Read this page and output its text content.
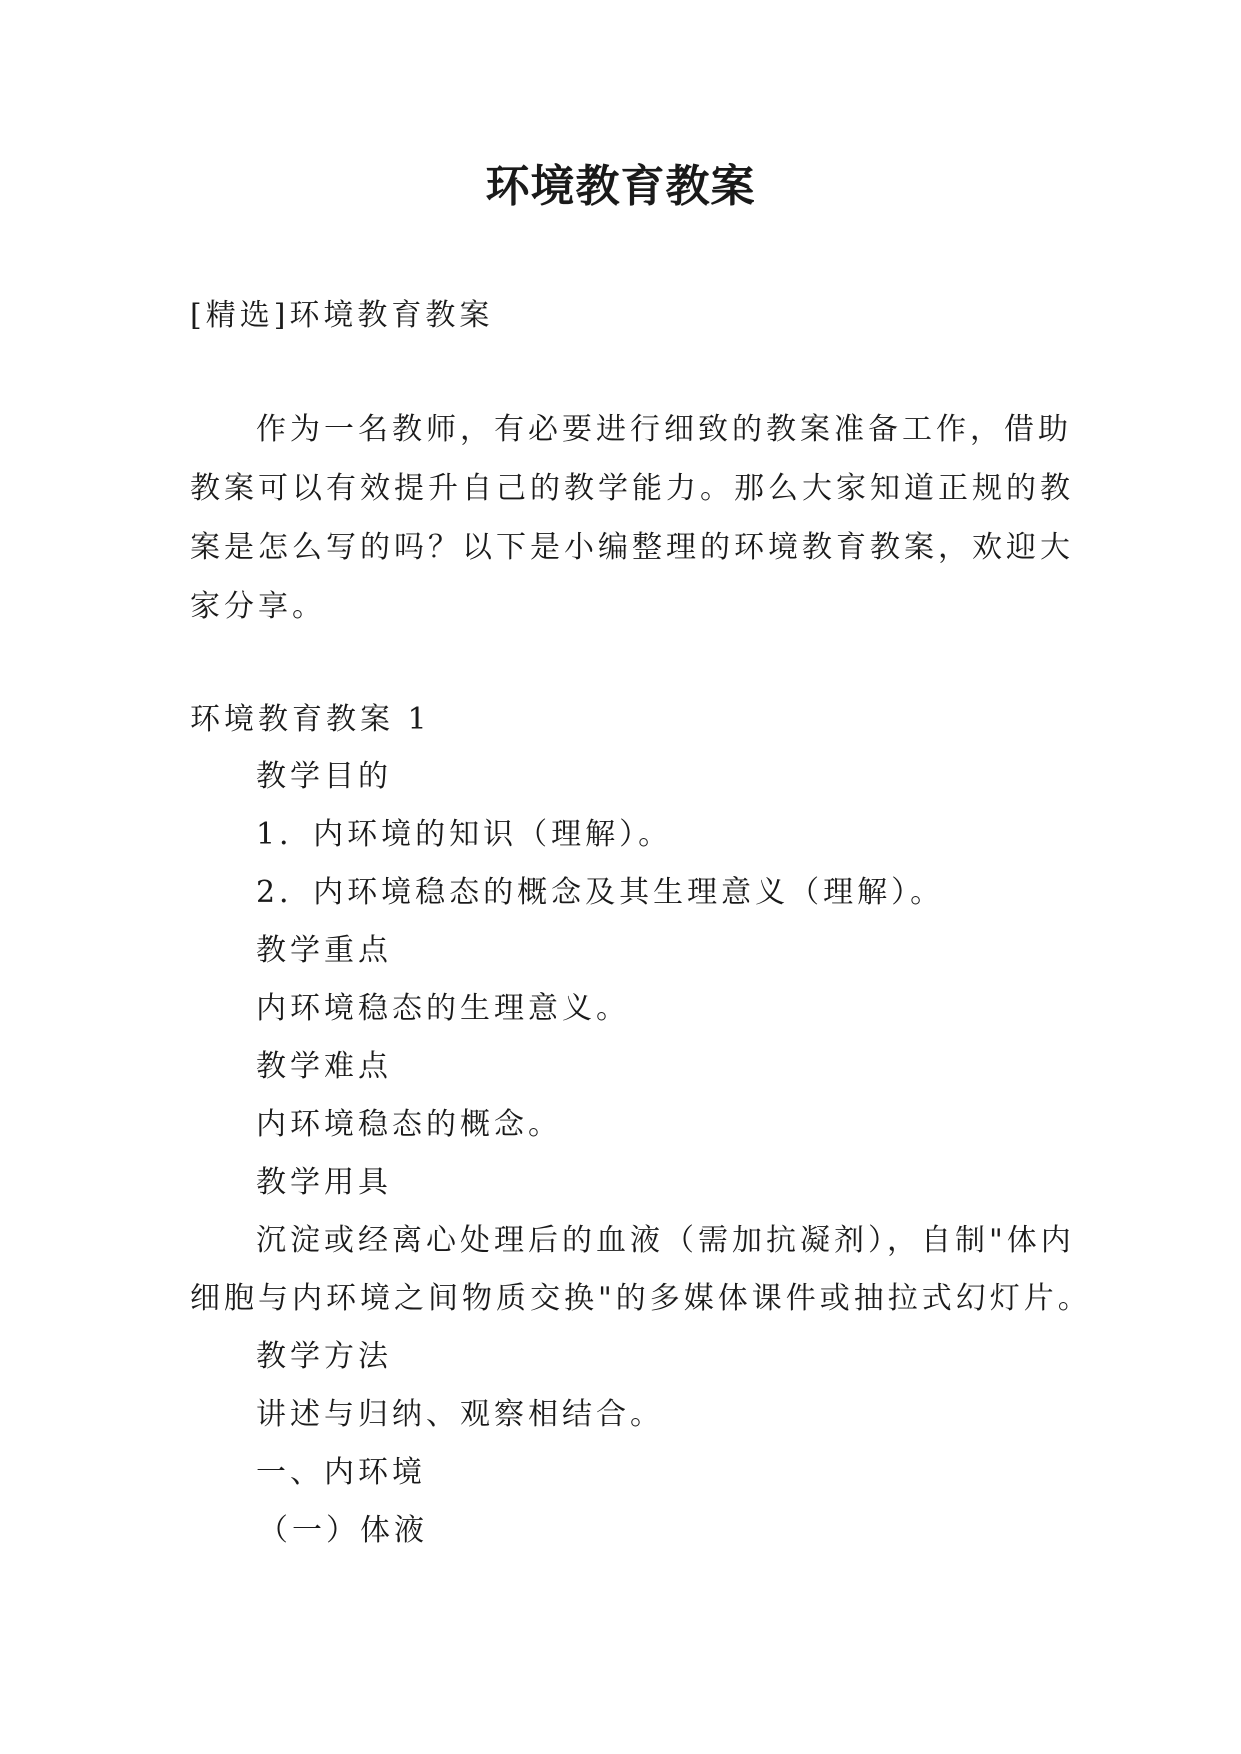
环境教育教案
[精选]环境教育教案
作为一名教师，有必要进行细致的教案准备工作，借助
教案可以有效提升自己的教学能力。那么大家知道正规的教
案是怎么写的吗？以下是小编整理的环境教育教案，欢迎大
家分享。
环境教育教案 1
教学目的
1．内环境的知识（理解）。
2．内环境稳态的概念及其生理意义（理解）。
教学重点
内环境稳态的生理意义。
教学难点
内环境稳态的概念。
教学用具
沉淀或经离心处理后的血液（需加抗凝剂），自制"体内
细胞与内环境之间物质交换"的多媒体课件或抽拉式幻灯片。
教学方法
讲述与归纳、观察相结合。
一、内环境
（一）体液
